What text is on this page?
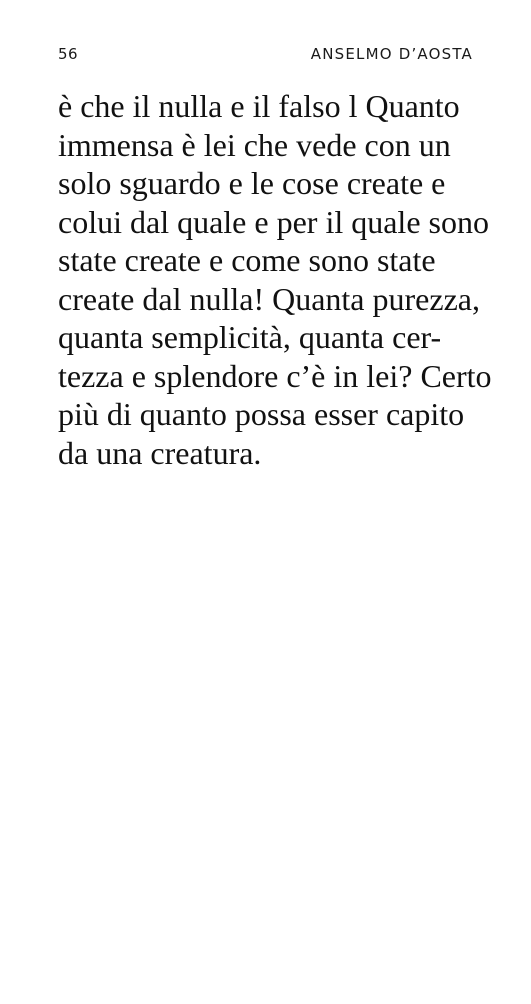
56	ANSELMO D’AOSTA
è che il nulla e il falso l Quanto
immensa è lei che vede con un
solo sguardo e le cose create e
colui dal quale e per il quale sono
state create e come sono state
create dal nulla! Quanta purezza,
quanta semplicità, quanta cer-
tezza e splendore c’è in lei? Certo
più di quanto possa esser capito
da una creatura.
